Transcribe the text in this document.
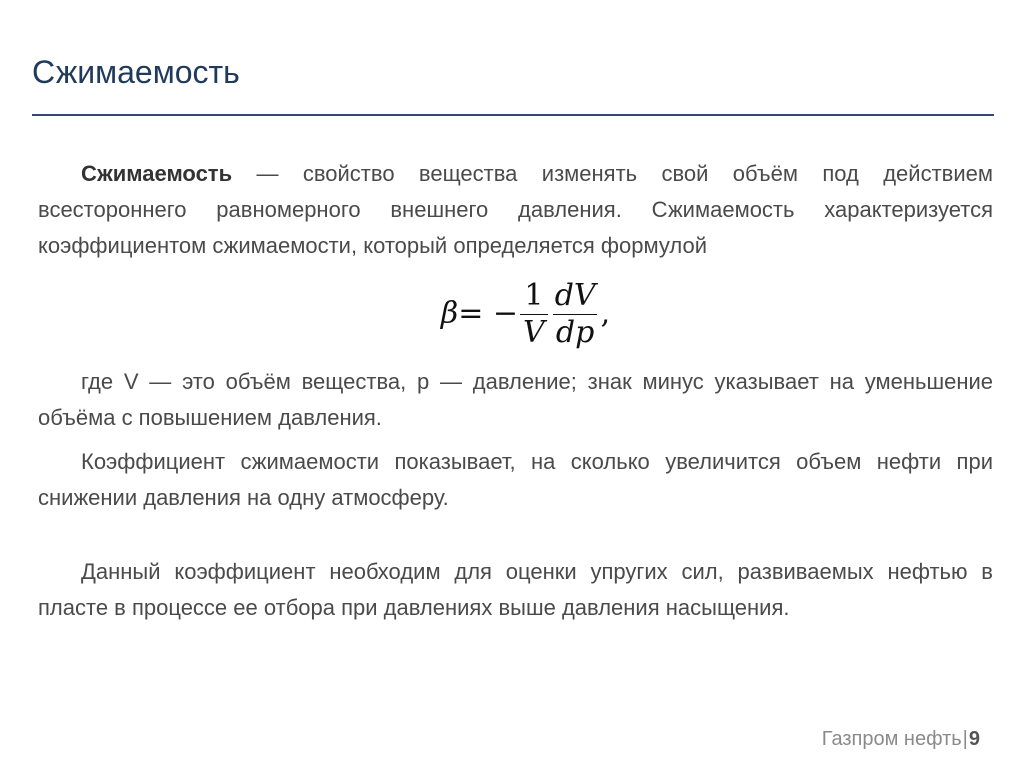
Сжимаемость

Сжимаемость — свойство вещества изменять свой объём под действием всестороннего равномерного внешнего давления. Сжимаемость характеризуется коэффициентом сжимаемости, который определяется формулой

β = − $\frac{1}{V} \frac{dV}{dp}$ ,

где V — это объём вещества, p — давление; знак минус указывает на уменьшение объёма с повышением давления.

Коэффициент сжимаемости показывает, на сколько увеличится объем нефти при снижении давления на одну атмосферу.

Данный коэффициент необходим для оценки упругих сил, развиваемых нефтью в пласте в процессе ее отбора при давлениях выше давления насыщения.

Газпром нефть|9
